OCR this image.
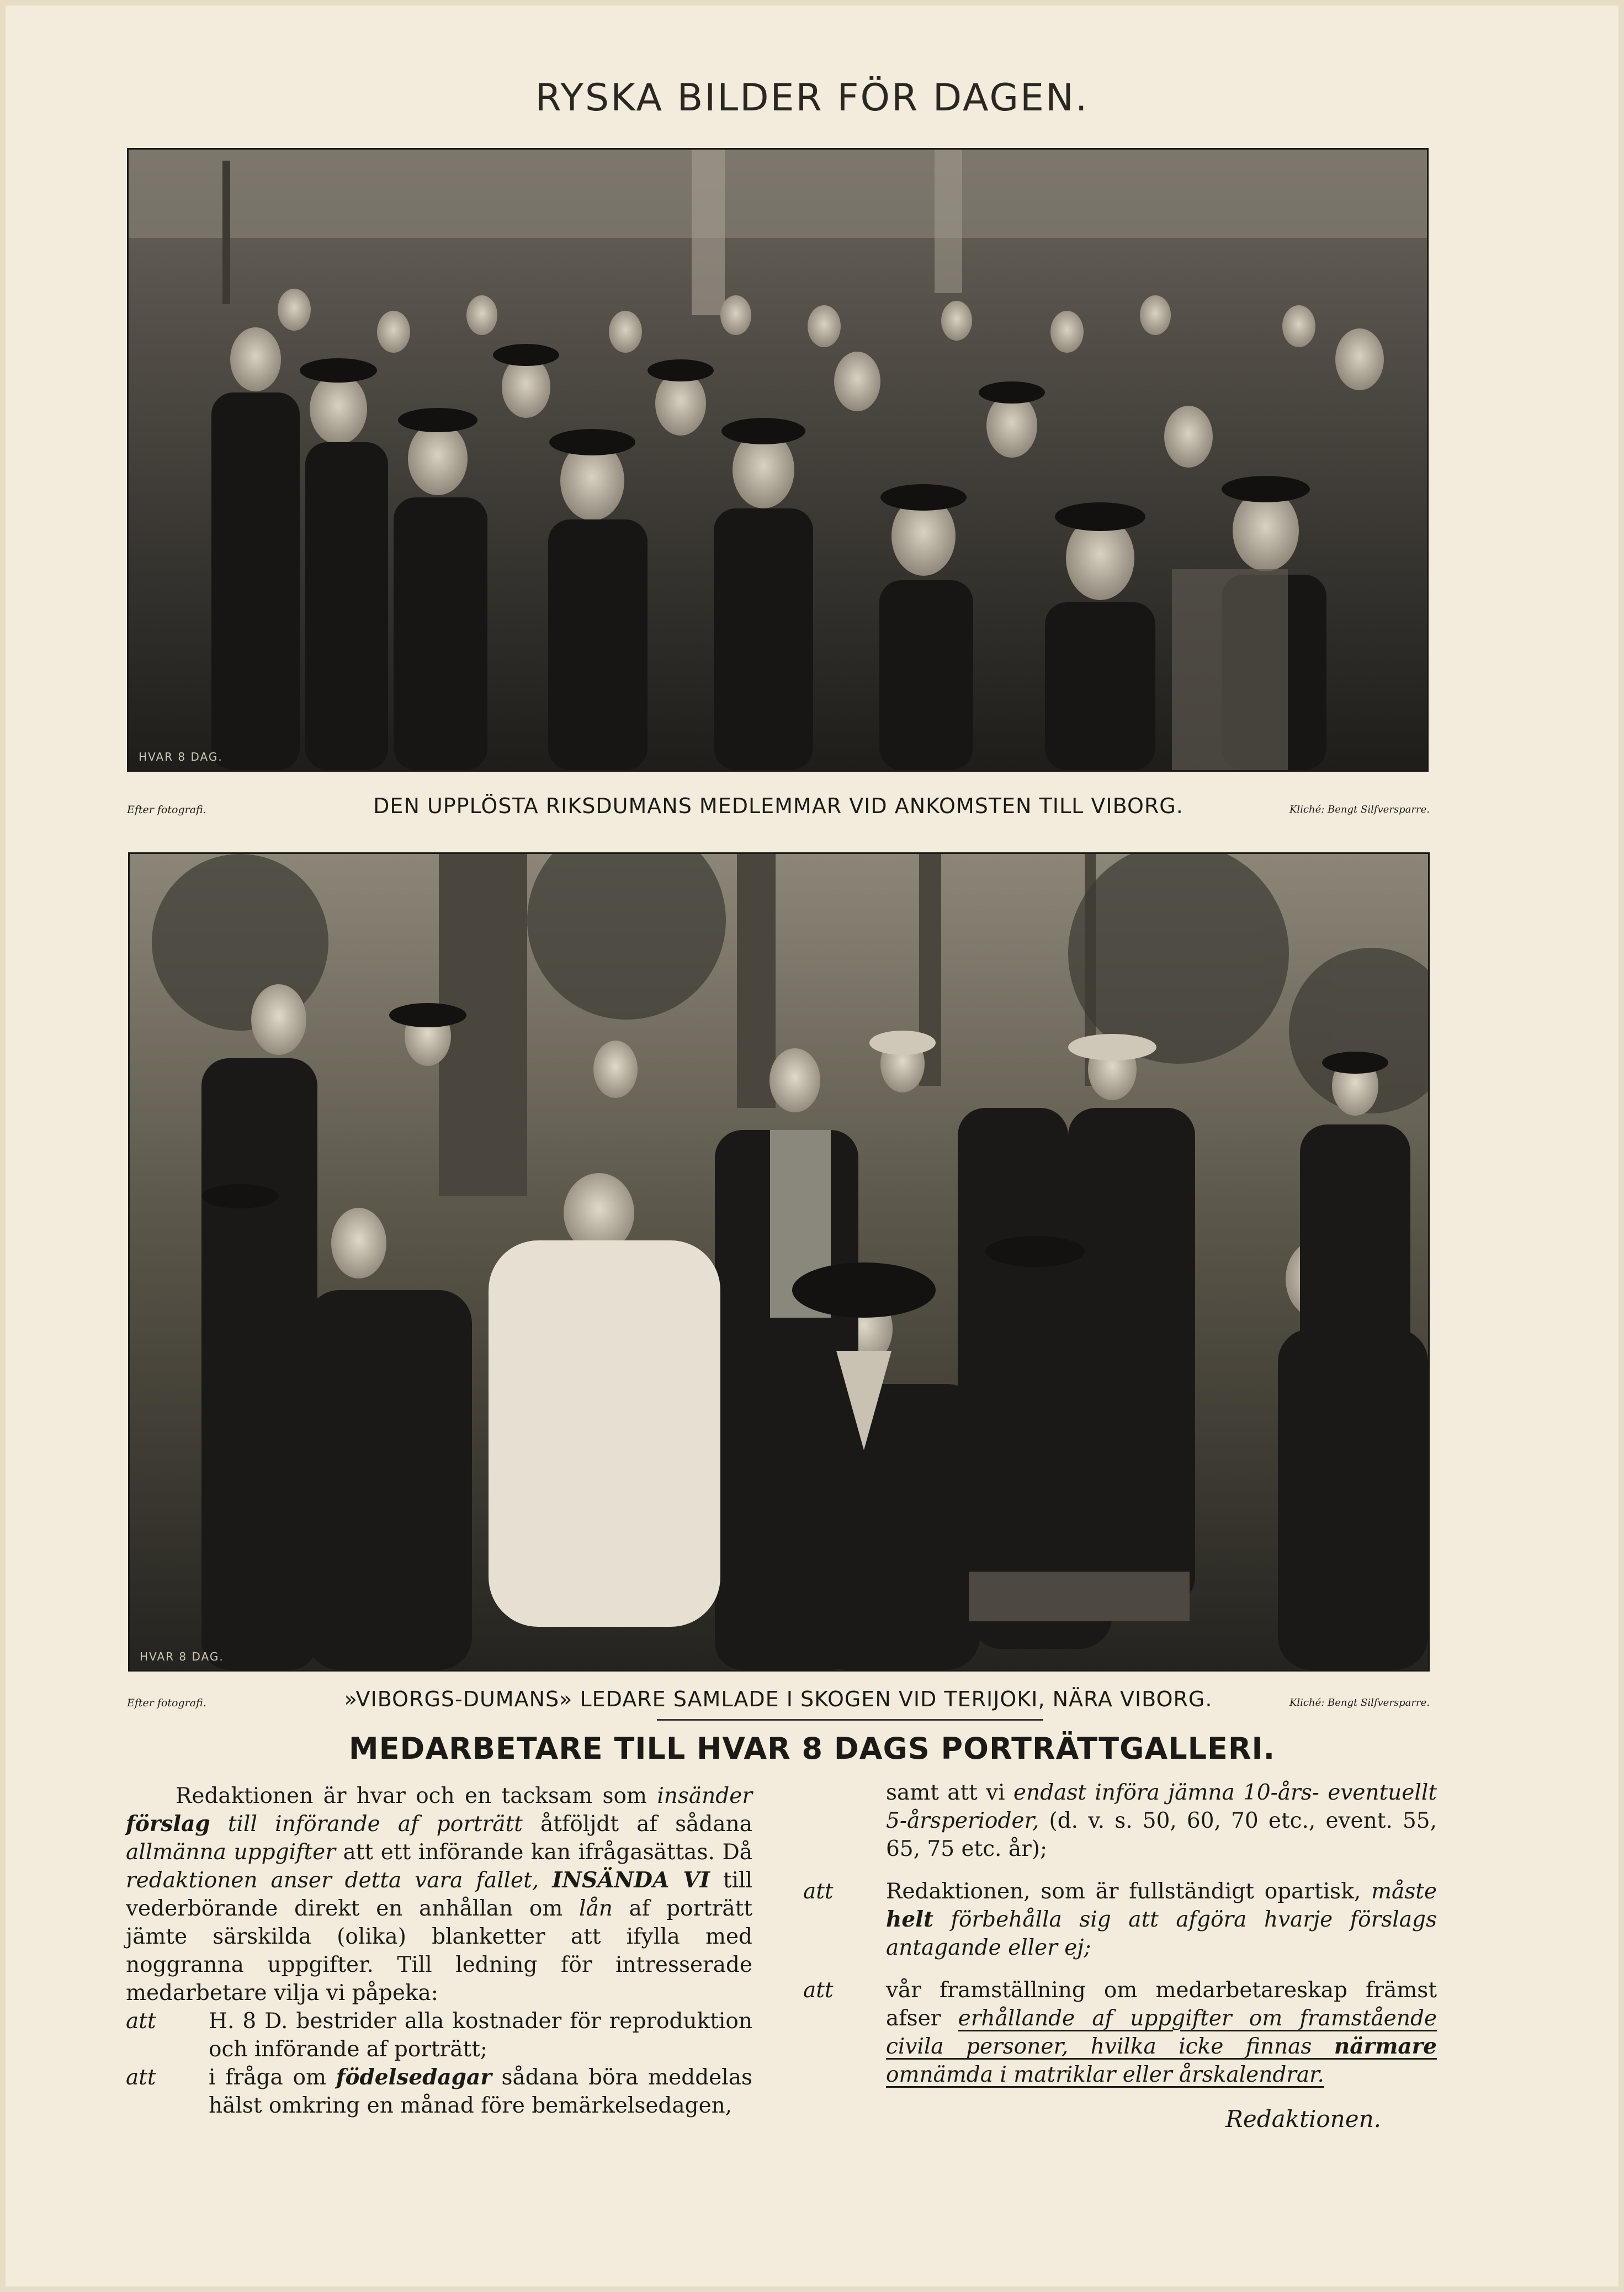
RYSKA BILDER FÖR DAGEN.
HVAR 8 DAG.
Efter fotografi.	DEN UPPLÖSTA RIKSDUMANS MEDLEMMAR VID ANKOMSTEN TILL VIBORG.	Kliché: Bengt Silfversparre.
HVAR 8 DAG.
Efter fotografi.	»VIBORGS-DUMANS» LEDARE SAMLADE I SKOGEN VID TERIJOKI, NÄRA VIBORG.	Kliché: Bengt Silfversparre.
MEDARBETARE TILL HVAR 8 DAGS PORTRÄTTGALLERI.

Redaktionen är hvar och en tacksam som insänder förslag till införande af porträtt åtföljdt af sådana allmänna uppgifter att ett införande kan ifrågasättas. Då redaktionen anser detta vara fallet, INSÄNDA VI till vederbörande direkt en anhållan om lån af porträtt jämte särskilda (olika) blanketter att ifylla med noggranna uppgifter. Till ledning för intresserade medarbetare vilja vi påpeka:

att H. 8 D. bestrider alla kostnader för reproduktion och införande af porträtt;

att i fråga om födelsedagar sådana böra meddelas hälst omkring en månad före bemärkelsedagen,

samt att vi endast införa jämna 10-års- eventuellt 5-årsperioder, (d. v. s. 50, 60, 70 etc., event. 55, 65, 75 etc. år);

att Redaktionen, som är fullständigt opartisk, måste helt förbehålla sig att afgöra hvarje förslags antagande eller ej;

att vår framställning om medarbetareskap främst afser erhållande af uppgifter om framstående civila personer, hvilka icke finnas närmare omnämda i matriklar eller årskalendrar.

Redaktionen.
